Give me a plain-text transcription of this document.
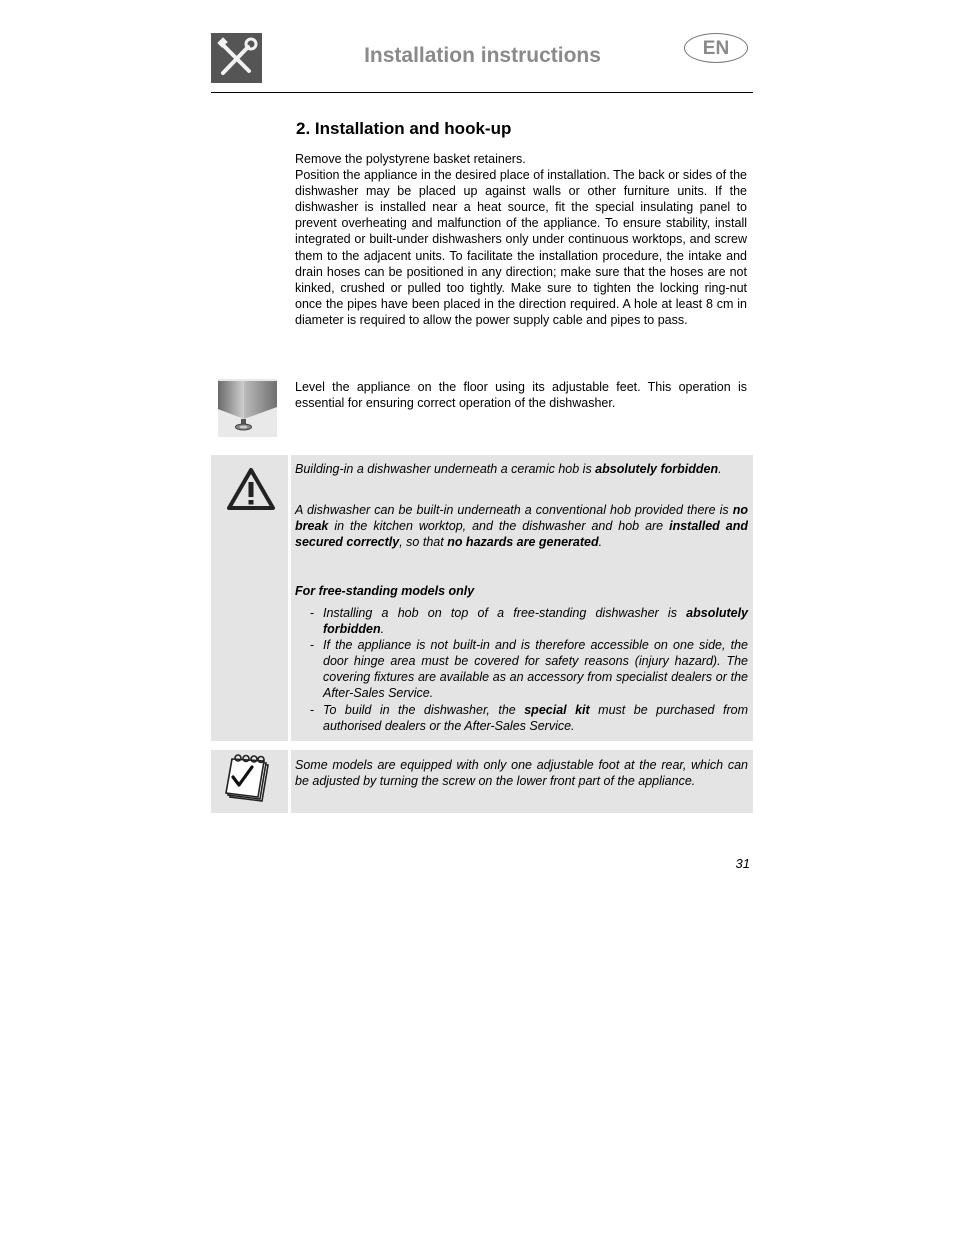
Installation instructions	EN
2. Installation and hook-up
Remove the polystyrene basket retainers.
Position the appliance in the desired place of installation. The back or sides of the dishwasher may be placed up against walls or other furniture units. If the dishwasher is installed near a heat source, fit the special insulating panel to prevent overheating and malfunction of the appliance. To ensure stability, install integrated or built-under dishwashers only under continuous worktops, and screw them to the adjacent units. To facilitate the installation procedure, the intake and drain hoses can be positioned in any direction; make sure that the hoses are not kinked, crushed or pulled too tightly. Make sure to tighten the locking ring-nut once the pipes have been placed in the direction required. A hole at least 8 cm in diameter is required to allow the power supply cable and pipes to pass.
Level the appliance on the floor using its adjustable feet. This operation is essential for ensuring correct operation of the dishwasher.
Building-in a dishwasher underneath a ceramic hob is absolutely forbidden.
A dishwasher can be built-in underneath a conventional hob provided there is no break in the kitchen worktop, and the dishwasher and hob are installed and secured correctly, so that no hazards are generated.
For free-standing models only
- Installing a hob on top of a free-standing dishwasher is absolutely forbidden.
- If the appliance is not built-in and is therefore accessible on one side, the door hinge area must be covered for safety reasons (injury hazard). The covering fixtures are available as an accessory from specialist dealers or the After-Sales Service.
- To build in the dishwasher, the special kit must be purchased from authorised dealers or the After-Sales Service.
Some models are equipped with only one adjustable foot at the rear, which can be adjusted by turning the screw on the lower front part of the appliance.
31
